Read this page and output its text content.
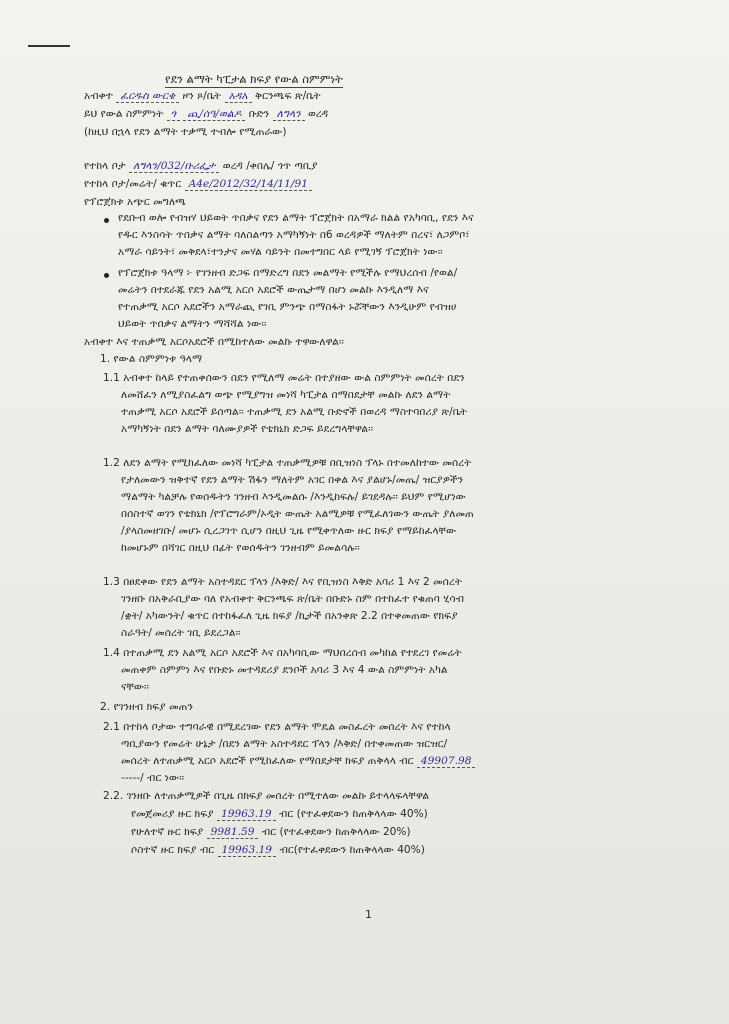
የደን ልማት ካፒታል ክፍያ የውል ስምምነት
አብቀተ ፈርዱስ ውርቄ ዞን ጾ/ቤት አዳአ ቅርንጫፍ ጽ/ቤት
ይህ የውል ስምምነት ጎ ጪ/ሰዓ/ወልዶ ቡድን ለግላን ወረዳ
(ከዚህ በኋላ የደን ልማት ተቃሚ ተብሎ የሚጠራው)
የተከላ ቦታ ለግላን/032/ቡሪፌታ ወረዳ /ቀበሌ/ ጎጥ ጣቢያ
የተከላ ቦታ/መሬት/ ቁጥር A4e/2012/32/14/11/91
የፕሮጀክቱ አጭር መግለጫ
የደቡብ ወሎ የብዝሃ ህይወት ጥበቃና የደን ልማት ፕሮጀክት በአማራ ክልል የአካባቢ, የደን እና
የዱር እንስሳት ጥበቃና ልማት ባለስልጣን አማካኝነት በ6 ወረዳዎች ማለትም በረና፣ ለጋምቦ፣
አማራ ሳይንት፣ መቅደላ፣ተንታና መሃል ሳይንት በመተግበር ላይ የሚገኝ ፕሮጀክት ነው፡፡
የፕሮጀክቱ ዓላማ ፦ የገንዘብ ድጋፍ በማድረግ በደን መልማት የሚችሉ የማህረሰብ /የወል/
መሬትን በተደራጁ የደን አልሚ አርሶ አደሮች ውጤታማ በሆነ መልኩ እንዲለማ እና
የተጠቃሚ አርሶ አደሮችን አማራጪ የገቢ ምንጭ በማስፋት ኑሯቸውን እንዲሁም የብዝሀ
ህይወት ጥበቃና ልማትን ማሻሻል ነው፡፡
አብቀተ እና ተጠቃሚ አርሶአደሮች በሚከተለው መልኩ ተዋውለዋል፡፡
1. የውል ስምምነቱ ዓላማ
1.1 አብቀተ ከላይ የተጠቀሰውን በደን የሚለማ መሬት በተያዘው ውል ስምምነት መሰረት በደን
ለመሸፈን ለሚያስፈልግ ወጭ የሚያግዝ መነሻ ካፒታል በማበደታቸ መልኩ ለደን ልማት
ተጠቃሚ አርሶ አደሮች ይሰጣል፡፡ ተጠቃሚ ደን አልሚ ቡድኖች በወረዳ ማስተባበሪያ ጽ/ቤት
አማካኝነት በደን ልማት ባለሙያዎች የቴክኒክ ድጋፍ ይደረግላቸዋል፡፡
1.2 ለደን ልማት የሚከፈለው መነሻ ካፒታል ተጠቃሚዎቹ በቢዝነስ ፕላኑ በተመለከተው መሰረት
የታለመውን ዝቅተኛ የደን ልማት ሽፋን ማለትም አገር በቀል እና ያልሆኑ/መጤ/ ዝርያዎችን
ማልማት ካልቻሉ የወሰዱትን ገንዘብ እንዲመልሱ /እንዲከፍሉ/ ይገደዳሉ፡፡ ይህም የሚሆነው
በሰስተኛ ወገን የቴክኒክ /የፕሮግራም/ኦዲት ውጤት አልሚዎቹ የሚፈለገውን ውጤት ያለመጠ
/ያላስመዘገቡ/ መሆኑ ሲረጋገጥ ሲሆን በዚህ ጊዜ የሚቀጥለው ዙር ክፍያ የማይከፈላቸው
ከመሆኑም በሻገር በዚህ በፊት የወሰዱትን ገንዘብም ይመልሳሉ፡፡
1.3 በፀደቀው የደን ልማት አስተዳደር ፕላን /እቅድ/ እና የቢዝነስ እቅድ አባሪ 1 እና 2 መሰረት
ገንዘቡ በአቅራቢያው ባለ የአብቀተ ቅርንጫፍ ጽ/ቤት በቡድኑ ስም በተከፈተ የቁጠባ ሂሳብ
/ቋት/ አካውንት/ ቁጥር በተከፋፈለ ጊዜ ክፍያ /ኪታች በአንቀጽ 2.2 በተቀመጠው የክፍያ
ስራዓት/ መሰረት ገቢ ይደረጋል፡፡
1.4 በተጠቃሚ ደን አልሚ አርሶ አደሮች እና በአካባቢው ማህበረሰብ መካከል የተደረገ የመሬት
መጠቀም ስምምነ እና የቡድኑ መተዳደሪያ ደንቦች አባሪ 3 እና 4 ውል ስምምነት አካል
ናቸው፡፡
2. የገንዘብ ክፍያ መጠን
2.1 በተከላ ቦታው ተግባራዊ በሚደረገው የደን ልማት ሞዴል መስፈረት መሰረት እና የተከላ
ጣቢያውን የመሬት ሁኔታ /በደን ልማት አስተዳደር ፕላን /እቅድ/ በተቀመጠው ዝርዝር/
መሰረት ለተጠቃሚ አርሶ አደሮች የሚከፈለው የማበደታቸ ክፍያ ጠቅላላ ብር 49907.98
-----/ ብር ነው፡፡
2.2. ገንዘቡ ለተጠቃሚዎች በጊዜ በክፍያ መሰረት በሚተለው መልኩ ይተላላፍላቸዋል
የመጀመሪያ ዙር ክፍያ 19963.19 ብር (የተፈቀደውን ከጠቅላላው 40%)
የሁለተኛ ዙር ክፍያ 9981.59 ብር (የተፈቀደውን ከጠቅላላው 20%)
ሶስተኛ ዙር ክፍያ ብር 19963.19 ብር(የተፈቀደውን ከጠቅላላው 40%)
1
